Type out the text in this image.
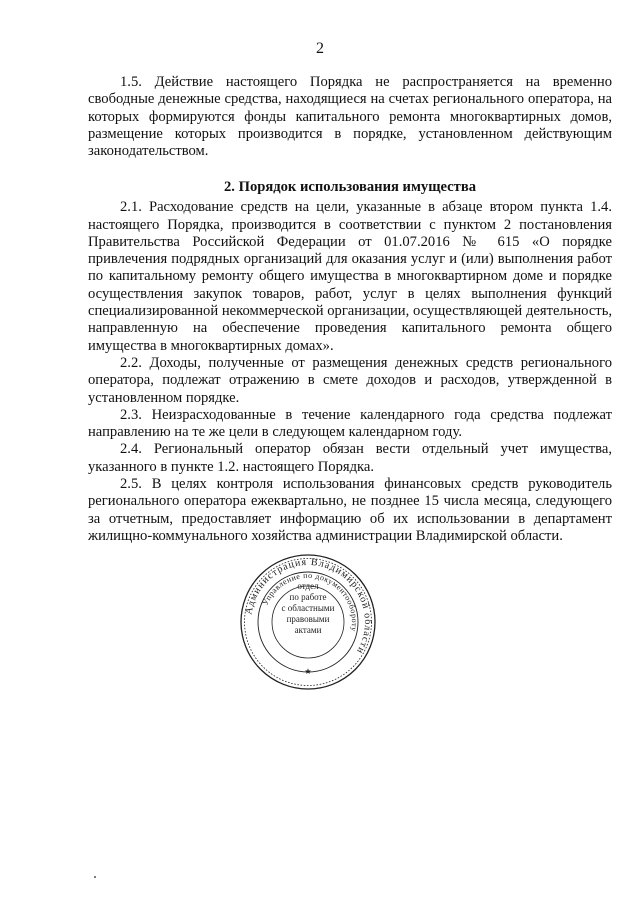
2

1.5. Действие настоящего Порядка не распространяется на временно свободные денежные средства, находящиеся на счетах регионального оператора, на которых формируются фонды капитального ремонта многоквартирных домов, размещение которых производится в порядке, установленном действующим законодательством.

2. Порядок использования имущества

2.1. Расходование средств на цели, указанные в абзаце втором пункта 1.4. настоящего Порядка, производится в соответствии с пунктом 2 постановления Правительства Российской Федерации от 01.07.2016 № 615 «О порядке привлечения подрядных организаций для оказания услуг и (или) выполнения работ по капитальному ремонту общего имущества в многоквартирном доме и порядке осуществления закупок товаров, работ, услуг в целях выполнения функций специализированной некоммерческой организации, осуществляющей деятельность, направленную на обеспечение проведения капитального ремонта общего имущества в многоквартирных домах».

2.2. Доходы, полученные от размещения денежных средств регионального оператора, подлежат отражению в смете доходов и расходов, утвержденной в установленном порядке.

2.3. Неизрасходованные в течение календарного года средства подлежат направлению на те же цели в следующем календарном году.

2.4. Региональный оператор обязан вести отдельный учет имущества, указанного в пункте 1.2. настоящего Порядка.

2.5. В целях контроля использования финансовых средств руководитель регионального оператора ежеквартально, не позднее 15 числа месяца, следующего за отчетным, предоставляет информацию об их использовании в департамент жилищно-коммунального хозяйства администрации Владимирской области.

Администрация Владимирской области
Управление по документообороту
★
отдел
по работе
с областными
правовыми
актами
